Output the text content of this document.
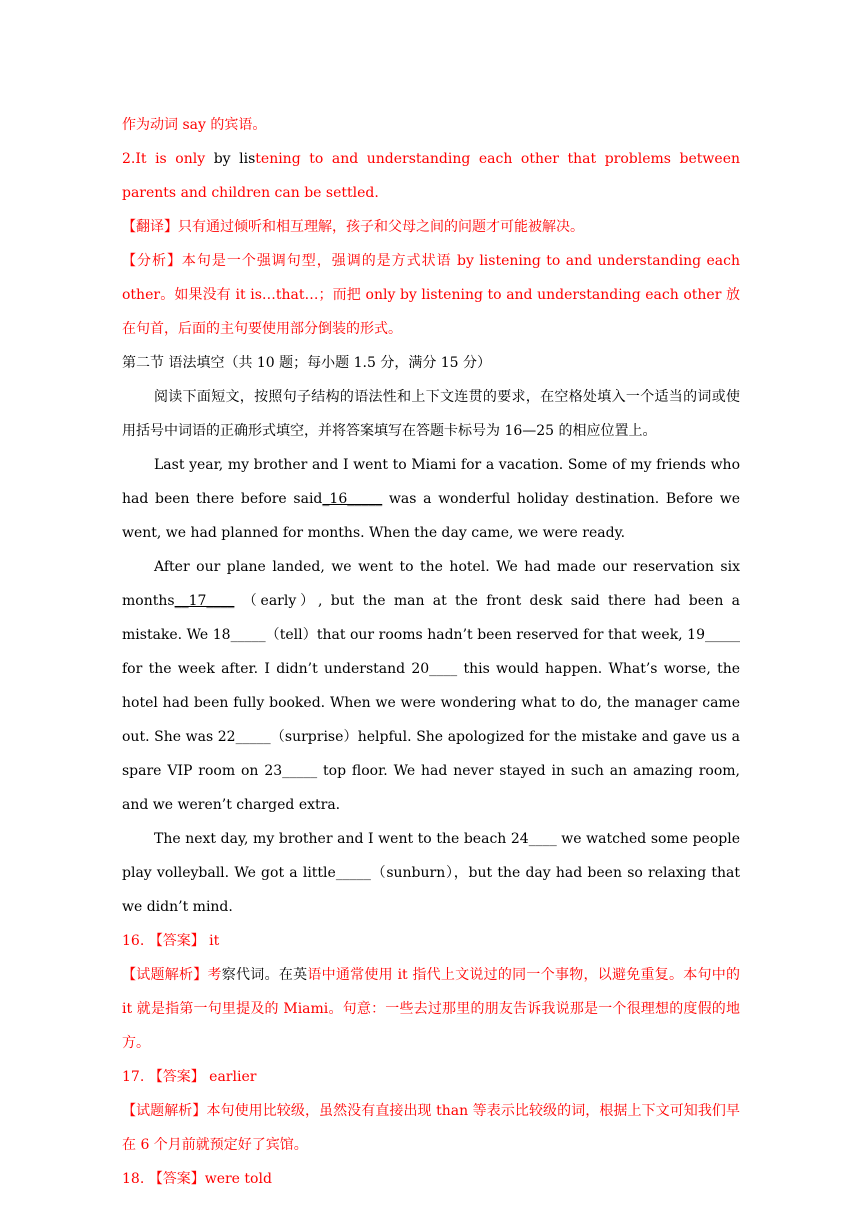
作为动词 say 的宾语。

2.It is only by listening to and understanding each other that problems between parents and children can be settled.

【翻译】只有通过倾听和相互理解，孩子和父母之间的问题才可能被解决。

【分析】本句是一个强调句型，强调的是方式状语 by listening to and understanding each other。如果没有 it is…that…；而把 only by listening to and understanding each other 放在句首，后面的主句要使用部分倒装的形式。

第二节 语法填空（共 10 题；每小题 1.5 分，满分 15 分）

阅读下面短文，按照句子结构的语法性和上下文连贯的要求，在空格处填入一个适当的词或使用括号中词语的正确形式填空，并将答案填写在答题卡标号为 16—25 的相应位置上。

Last year, my brother and I went to Miami for a vacation. Some of my friends who had been there before said_16_____ was a wonderful holiday destination. Before we went, we had planned for months. When the day came, we were ready.

After our plane landed, we went to the hotel. We had made our reservation six months__17____ （early）, but the man at the front desk said there had been a mistake. We 18_____（tell）that our rooms hadn’t been reserved for that week, 19_____ for the week after. I didn’t understand 20____ this would happen. What’s worse, the hotel had been fully booked. When we were wondering what to do, the manager came out. She was 22_____（surprise）helpful. She apologized for the mistake and gave us a spare VIP room on 23_____ top floor. We had never stayed in such an amazing room, and we weren’t charged extra.

The next day, my brother and I went to the beach 24____ we watched some people play volleyball. We got a little_____（sunburn），but the day had been so relaxing that we didn’t mind.

16. 【答案】 it

【试题解析】考察代词。在英语中通常使用 it 指代上文说过的同一个事物，以避免重复。本句中的 it 就是指第一句里提及的 Miami。句意：一些去过那里的朋友告诉我说那是一个很理想的度假的地方。

17. 【答案】 earlier

【试题解析】本句使用比较级，虽然没有直接出现 than 等表示比较级的词，根据上下文可知我们早在 6 个月前就预定好了宾馆。

18. 【答案】were told
